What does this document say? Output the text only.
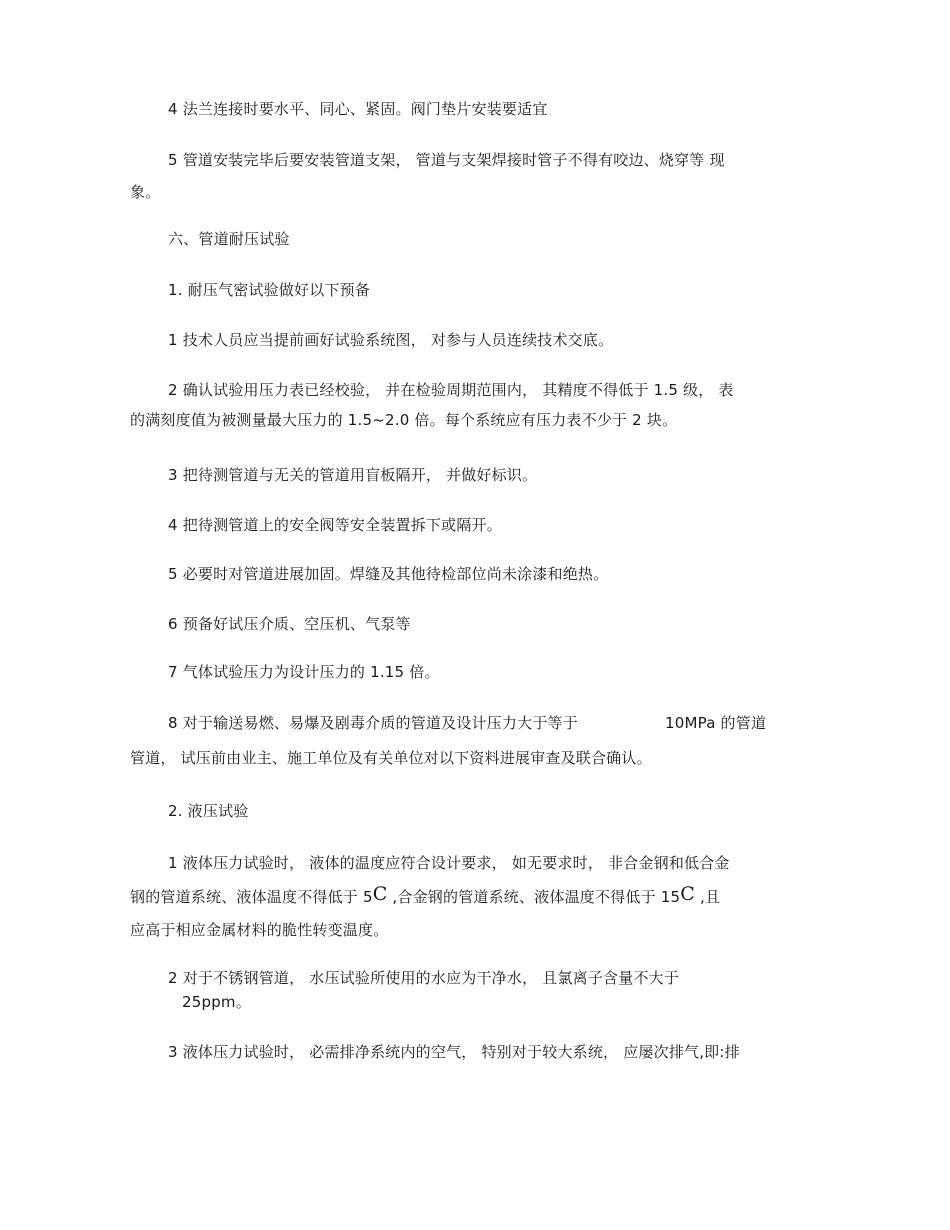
4 法兰连接时要水平、同心、紧固。阀门垫片安装要适宜
5 管道安装完毕后要安装管道支架， 管道与支架焊接时管子不得有咬边、烧穿等 现
象。
六、管道耐压试验
1. 耐压气密试验做好以下预备
1 技术人员应当提前画好试验系统图， 对参与人员连续技术交底。
2 确认试验用压力表已经校验， 并在检验周期范围内， 其精度不得低于 1.5 级， 表
的满刻度值为被测量最大压力的 1.5~2.0 倍。每个系统应有压力表不少于 2 块。
3 把待测管道与无关的管道用盲板隔开， 并做好标识。
4 把待测管道上的安全阀等安全装置拆下或隔开。
5 必要时对管道进展加固。焊缝及其他待检部位尚未涂漆和绝热。
6 预备好试压介质、空压机、气泵等
7 气体试验压力为设计压力的 1.15 倍。
8 对于输送易燃、易爆及剧毒介质的管道及设计压力大于等于	10MPa 的管道
管道， 试压前由业主、施工单位及有关单位对以下资料进展审查及联合确认。
2. 液压试验
1 液体压力试验时， 液体的温度应符合设计要求， 如无要求时， 非合金钢和低合金
钢的管道系统、液体温度不得低于 5C ,合金钢的管道系统、液体温度不得低于 15C ,且
应高于相应金属材料的脆性转变温度。
2 对于不锈钢管道， 水压试验所使用的水应为干净水， 且氯离子含量不大于
25ppm。
3 液体压力试验时， 必需排净系统内的空气， 特别对于较大系统， 应屡次排气,即:排
